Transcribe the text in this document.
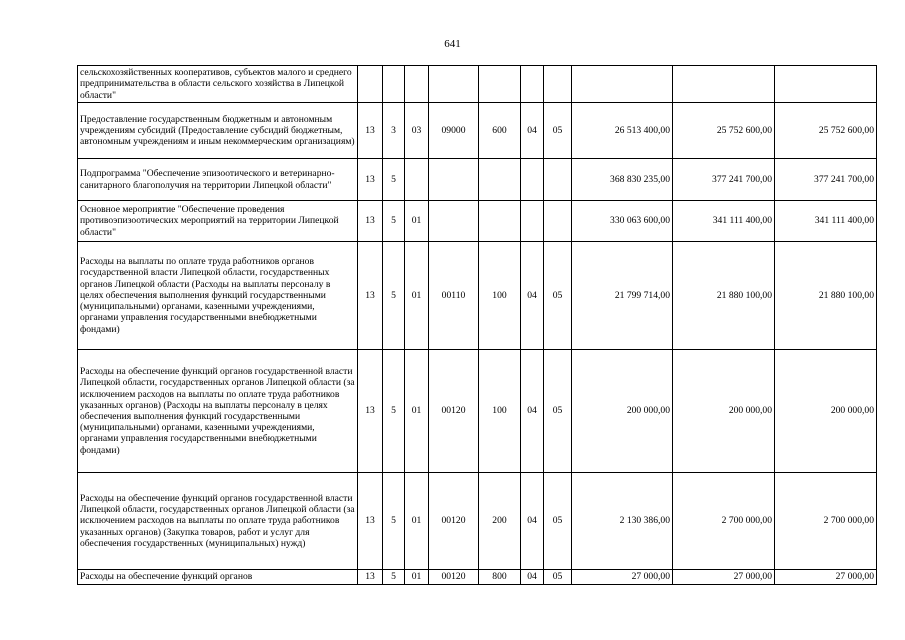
641
сельскохозяйственных кооперативов, субъектов малого и среднего предпринимательства в области сельского хозяйства в Липецкой области"										
Предоставление государственным бюджетным и автономным учреждениям субсидий (Предоставление субсидий бюджетным, автономным учреждениям и иным некоммерческим организациям)	13	3	03	09000	600	04	05	26 513 400,00	25 752 600,00	25 752 600,00
Подпрограмма "Обеспечение эпизоотического и ветеринарно-санитарного благополучия на территории Липецкой области"	13	5						368 830 235,00	377 241 700,00	377 241 700,00
Основное мероприятие "Обеспечение проведения противоэпизоотических мероприятий на территории Липецкой области"	13	5	01					330 063 600,00	341 111 400,00	341 111 400,00
Расходы на выплаты по оплате труда работников органов государственной власти Липецкой области, государственных органов Липецкой области (Расходы на выплаты персоналу в целях обеспечения выполнения функций государственными (муниципальными) органами, казенными учреждениями, органами управления государственными внебюджетными фондами)	13	5	01	00110	100	04	05	21 799 714,00	21 880 100,00	21 880 100,00
Расходы на обеспечение функций органов государственной власти Липецкой области, государственных органов Липецкой области (за исключением расходов на выплаты по оплате труда работников указанных органов) (Расходы на выплаты персоналу в целях обеспечения выполнения функций государственными (муниципальными) органами, казенными учреждениями, органами управления государственными внебюджетными фондами)	13	5	01	00120	100	04	05	200 000,00	200 000,00	200 000,00
Расходы на обеспечение функций органов государственной власти Липецкой области, государственных органов Липецкой области (за исключением расходов на выплаты по оплате труда работников указанных органов) (Закупка товаров, работ и услуг для обеспечения государственных (муниципальных) нужд)	13	5	01	00120	200	04	05	2 130 386,00	2 700 000,00	2 700 000,00
Расходы на обеспечение функций органов	13	5	01	00120	800	04	05	27 000,00	27 000,00	27 000,00
